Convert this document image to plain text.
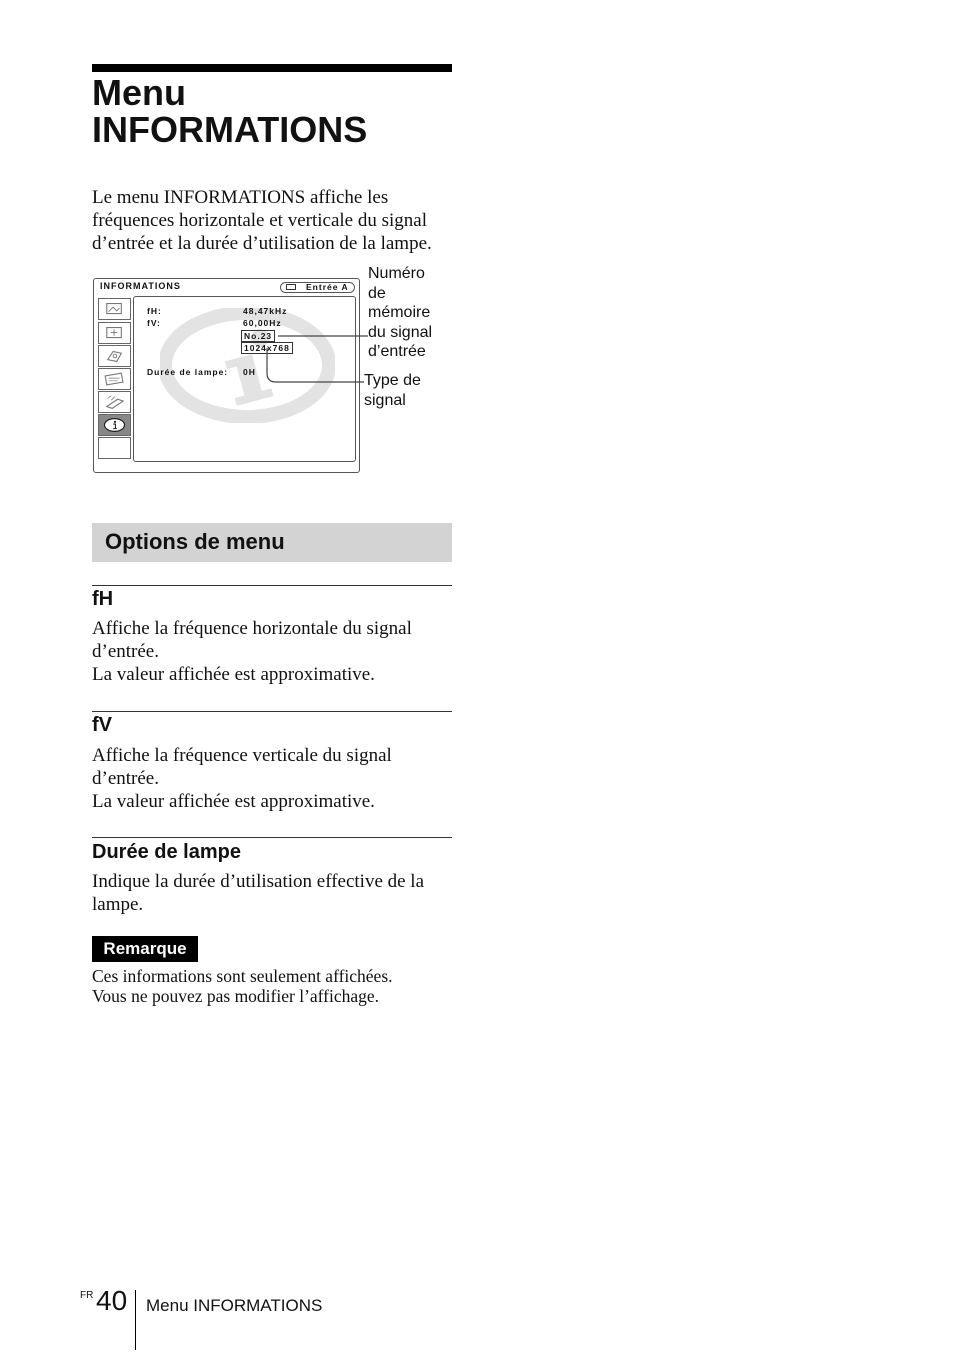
Menu
INFORMATIONS
Le menu INFORMATIONS affiche les fréquences horizontale et verticale du signal d’entrée et la durée d’utilisation de la lampe.
INFORMATIONS	Entrée A
fH:
fV:
48,47kHz
60,00Hz
No.23
1024x768
Durée de lampe: 0H
Numéro
de
mémoire
du signal
d’entrée
Type de
signal
Options de menu
fH
Affiche la fréquence horizontale du signal d’entrée.
La valeur affichée est approximative.
fV
Affiche la fréquence verticale du signal d’entrée.
La valeur affichée est approximative.
Durée de lampe
Indique la durée d’utilisation effective de la lampe.
Remarque
Ces informations sont seulement affichées.
Vous ne pouvez pas modifier l’affichage.
FR 40 Menu INFORMATIONS
